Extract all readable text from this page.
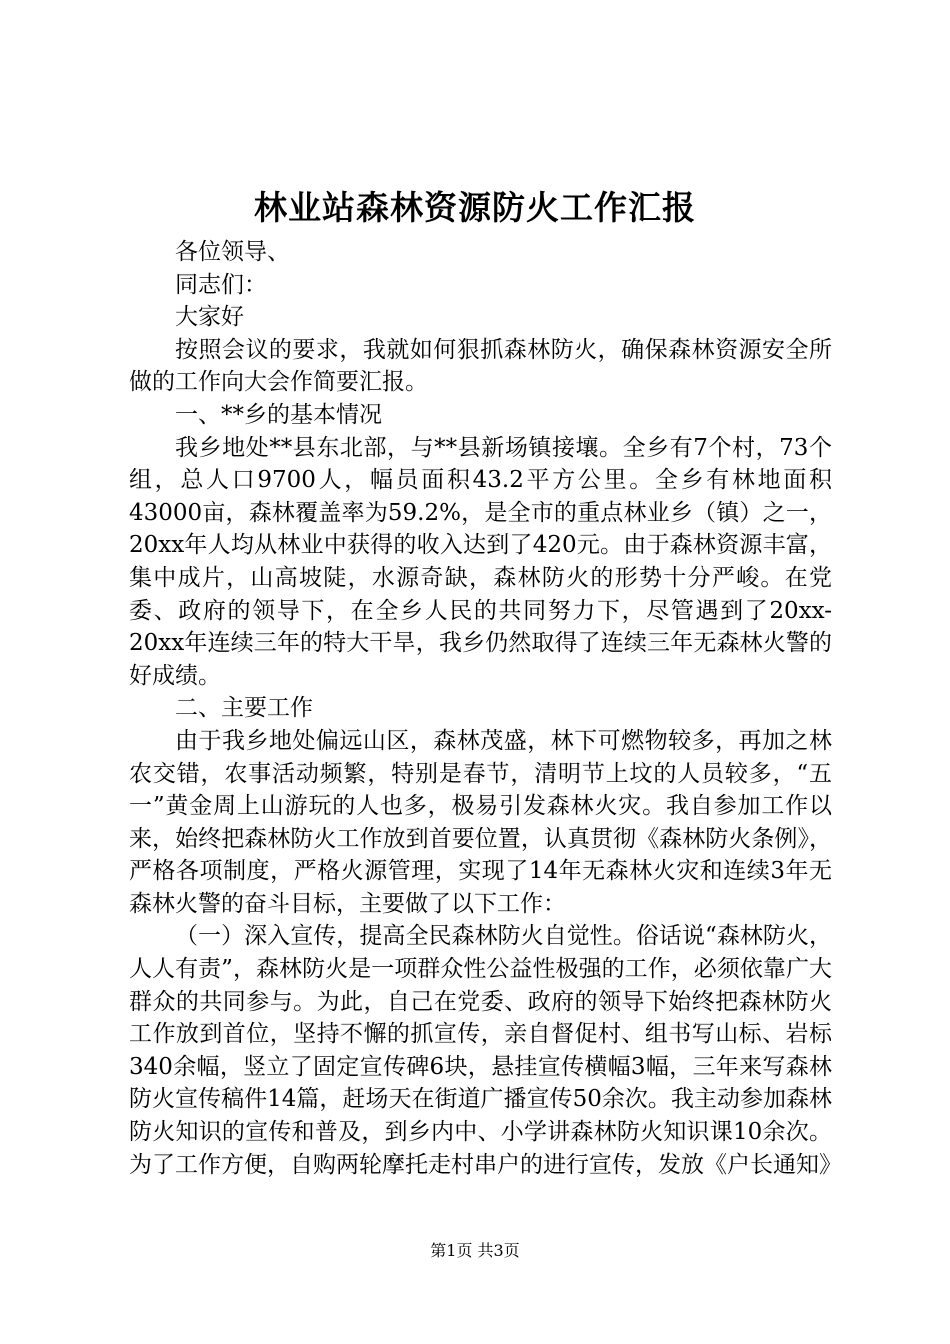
林业站森林资源防火工作汇报

各位领导、

同志们：

大家好

按照会议的要求，我就如何狠抓森林防火，确保森林资源安全所做的工作向大会作简要汇报。

一、**乡的基本情况

我乡地处**县东北部，与**县新场镇接壤。全乡有7个村，73个组，总人口9700人，幅员面积43.2平方公里。全乡有林地面积43000亩，森林覆盖率为59.2%，是全市的重点林业乡（镇）之一，20xx年人均从林业中获得的收入达到了420元。由于森林资源丰富，集中成片，山高坡陡，水源奇缺，森林防火的形势十分严峻。在党委、政府的领导下，在全乡人民的共同努力下，尽管遇到了20xx-20xx年连续三年的特大干旱，我乡仍然取得了连续三年无森林火警的好成绩。

二、主要工作

由于我乡地处偏远山区，森林茂盛，林下可燃物较多，再加之林农交错，农事活动频繁，特别是春节，清明节上坟的人员较多，“五一”黄金周上山游玩的人也多，极易引发森林火灾。我自参加工作以来，始终把森林防火工作放到首要位置，认真贯彻《森林防火条例》，严格各项制度，严格火源管理，实现了14年无森林火灾和连续3年无森林火警的奋斗目标，主要做了以下工作：

（一）深入宣传，提高全民森林防火自觉性。俗话说“森林防火，人人有责”，森林防火是一项群众性公益性极强的工作，必须依靠广大群众的共同参与。为此，自己在党委、政府的领导下始终把森林防火工作放到首位，坚持不懈的抓宣传，亲自督促村、组书写山标、岩标340余幅，竖立了固定宣传碑6块，悬挂宣传横幅3幅，三年来写森林防火宣传稿件14篇，赶场天在街道广播宣传50余次。我主动参加森林防火知识的宣传和普及，到乡内中、小学讲森林防火知识课10余次。为了工作方便，自购两轮摩托走村串户的进行宣传，发放《户长通知》

第1页 共3页
